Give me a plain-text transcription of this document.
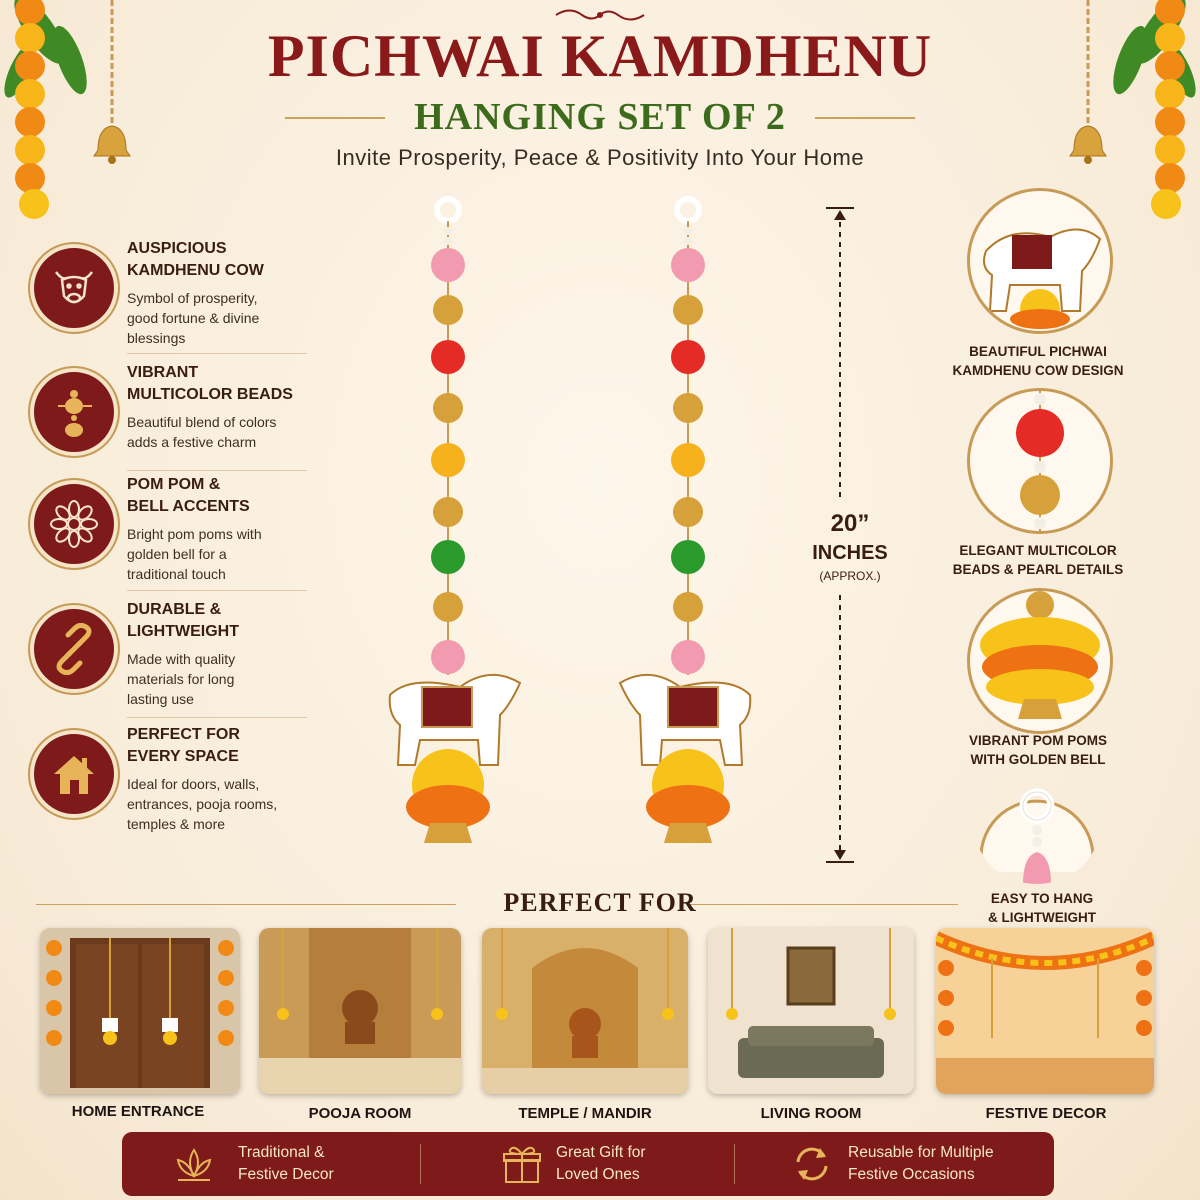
PICHWAI KAMDHENU
HANGING SET OF 2
Invite Prosperity, Peace & Positivity Into Your Home
AUSPICIOUS
KAMDHENU COW
Symbol of prosperity,
good fortune & divine
blessings
VIBRANT
MULTICOLOR BEADS
Beautiful blend of colors
adds a festive charm
POM POM &
BELL ACCENTS
Bright pom poms with
golden bell for a
traditional touch
DURABLE &
LIGHTWEIGHT
Made with quality
materials for long
lasting use
PERFECT FOR
EVERY SPACE
Ideal for doors, walls,
entrances, pooja rooms,
temples & more
20”
INCHES
(APPROX.)
BEAUTIFUL PICHWAI
KAMDHENU COW DESIGN
ELEGANT MULTICOLOR
BEADS & PEARL DETAILS
VIBRANT POM POMS
WITH GOLDEN BELL
EASY TO HANG
& LIGHTWEIGHT
PERFECT FOR
HOME ENTRANCE	POOJA ROOM	TEMPLE / MANDIR	LIVING ROOM	FESTIVE DECOR
Traditional &
Festive Decor
Great Gift for
Loved Ones
Reusable for Multiple
Festive Occasions
